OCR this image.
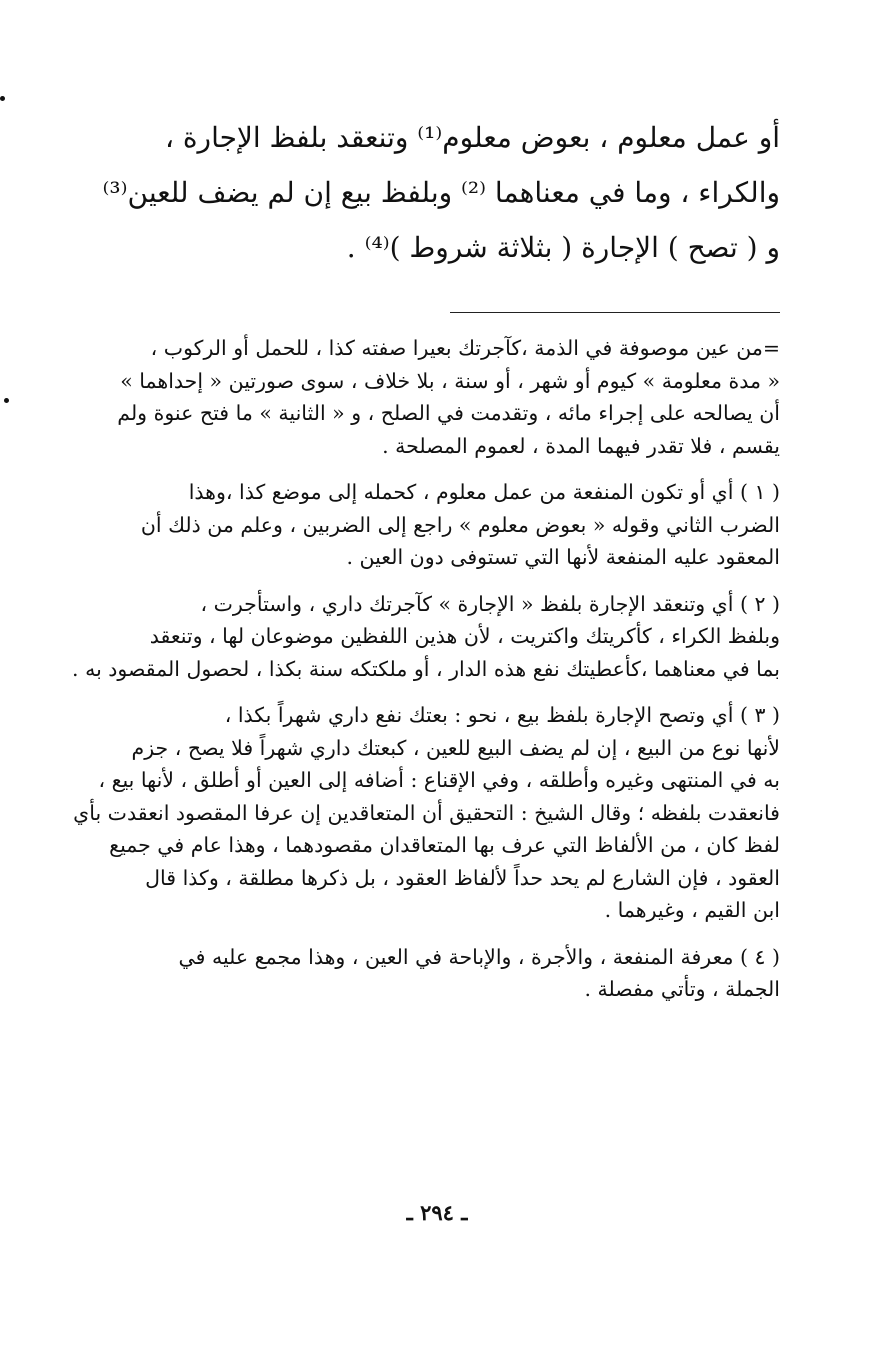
أو عمل معلوم ، بعوض معلوم⁽¹⁾ وتنعقد بلفظ الإجارة ،
والكراء ، وما في معناهما ⁽²⁾ وبلفظ بيع إن لم يضف للعين⁽³⁾
و ( تصح ) الإجارة ( بثلاثة شروط )⁽⁴⁾ .
=من عين موصوفة في الذمة ،كآجرتك بعيرا صفته كذا ، للحمل أو الركوب ،
« مدة معلومة » كيوم أو شهر ، أو سنة ، بلا خلاف ، سوى صورتين « إحداهما »
أن يصالحه على إجراء مائه ، وتقدمت في الصلح ، و « الثانية » ما فتح عنوة ولم
يقسم ، فلا تقدر فيهما المدة ، لعموم المصلحة .
( ١ ) أي أو تكون المنفعة من عمل معلوم ، كحمله إلى موضع كذا ،وهذا
الضرب الثاني وقوله « بعوض معلوم » راجع إلى الضربين ، وعلم من ذلك أن
المعقود عليه المنفعة لأنها التي تستوفى دون العين .
( ٢ ) أي وتنعقد الإجارة بلفظ « الإجارة » كآجرتك داري ، واستأجرت ،
وبلفظ الكراء ، كأكريتك واكتريت ، لأن هذين اللفظين موضوعان لها ، وتنعقد
بما في معناهما ،كأعطيتك نفع هذه الدار ، أو ملكتكه سنة بكذا ، لحصول المقصود به .
( ٣ ) أي وتصح الإجارة بلفظ بيع ، نحو : بعتك نفع داري شهراً بكذا ،
لأنها نوع من البيع ، إن لم يضف البيع للعين ، كبعتك داري شهراً فلا يصح ، جزم
به في المنتهى وغيره وأطلقه ، وفي الإقناع : أضافه إلى العين أو أطلق ، لأنها بيع ،
فانعقدت بلفظه ؛ وقال الشيخ : التحقيق أن المتعاقدين إن عرفا المقصود انعقدت بأي
لفظ كان ، من الألفاظ التي عرف بها المتعاقدان مقصودهما ، وهذا عام في جميع
العقود ، فإن الشارع لم يحد حداً لألفاظ العقود ، بل ذكرها مطلقة ، وكذا قال
ابن القيم ، وغيرهما .
( ٤ ) معرفة المنفعة ، والأجرة ، والإباحة في العين ، وهذا مجمع عليه في
الجملة ، وتأتي مفصلة .
ـ ٢٩٤ ـ
